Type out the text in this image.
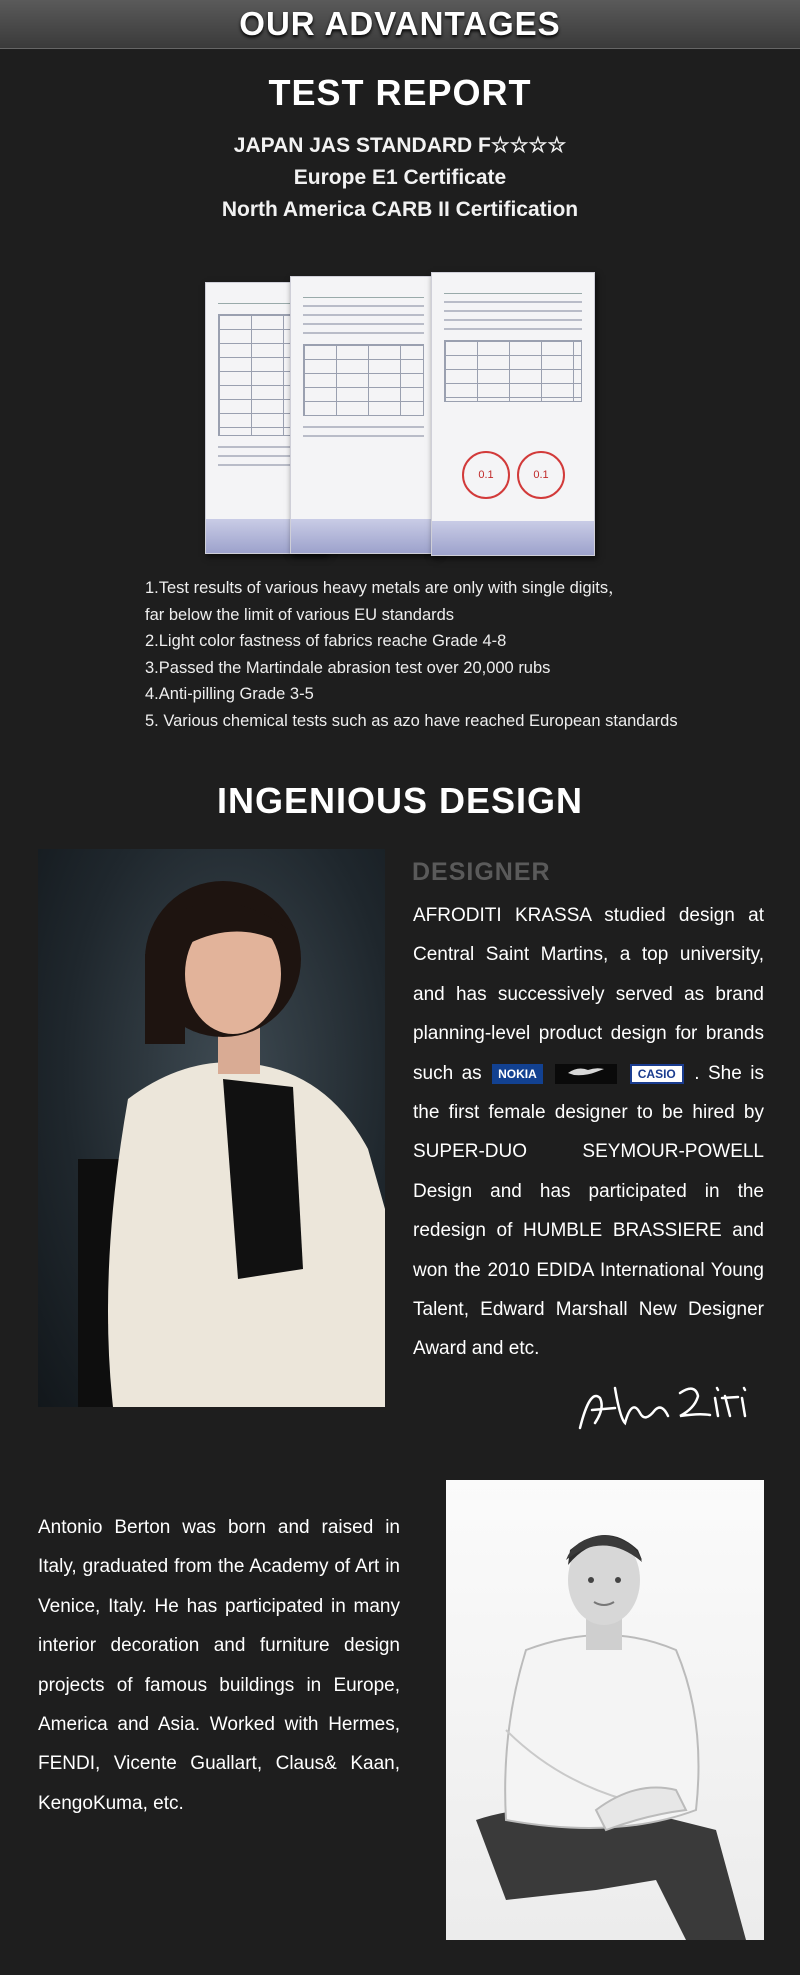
OUR ADVANTAGES
TEST REPORT
JAPAN JAS STANDARD F☆☆☆☆
Europe E1 Certificate
North America CARB II Certification
0.1	0.1
1.Test results of various heavy metals are only with single digits，
far below the limit of various EU standards
2.Light color fastness of fabrics reache Grade 4-8
3.Passed the Martindale abrasion test over 20,000 rubs
4.Anti-pilling Grade 3-5
5. Various chemical tests such as azo have reached European standards
INGENIOUS DESIGN
DESIGNER
AFRODITI KRASSA studied design at Central Saint Martins, a top university, and has successively served as brand planning-level product design for brands such as NOKIA	CASIO . She is the first female designer to be hired by SUPER-DUO SEYMOUR-POWELL Design and has participated in the redesign of HUMBLE BRASSIERE and won the 2010 EDIDA International Young Talent, Edward Marshall New Designer Award and etc.
Antonio Berton was born and raised in Italy, graduated from the Academy of Art in Venice, Italy. He has participated in many interior decoration and furniture design projects of famous buildings in Europe, America and Asia. Worked with Hermes, FENDI, Vicente Guallart, Claus& Kaan, KengoKuma, etc.
